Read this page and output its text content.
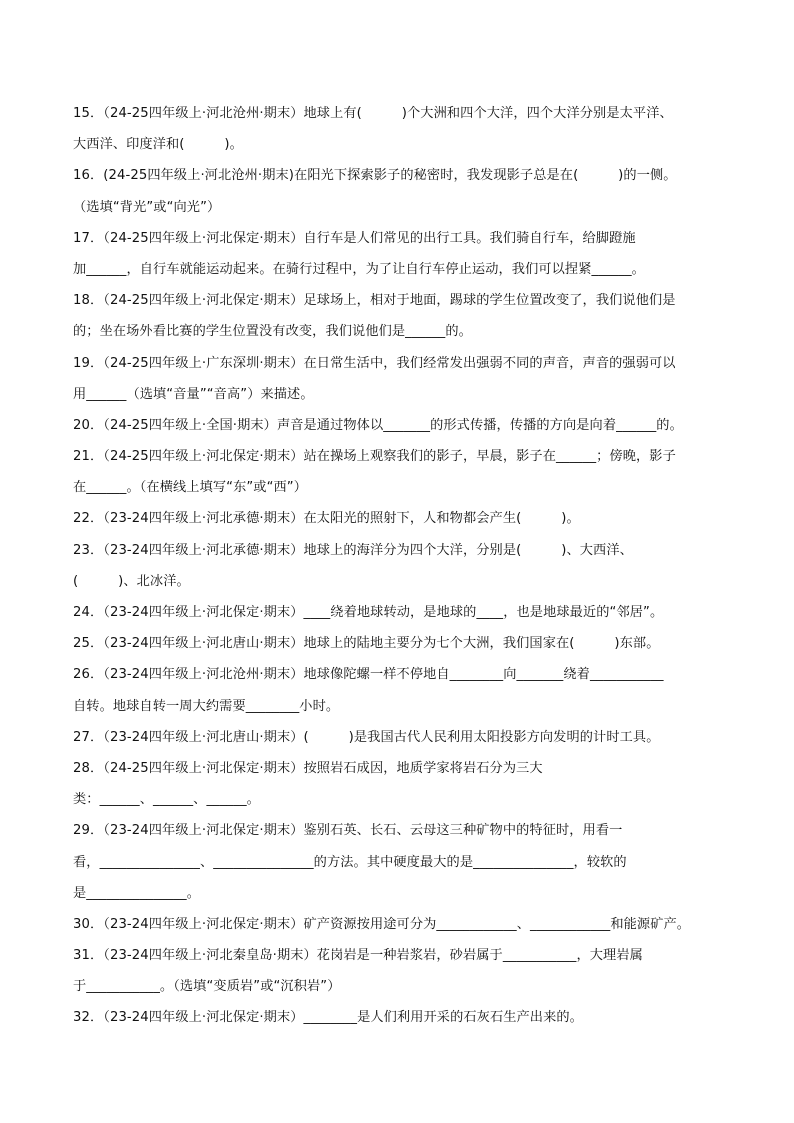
15．（24-25四年级上·河北沧州·期末）地球上有(　　　)个大洲和四个大洋，四个大洋分别是太平洋、
大西洋、印度洋和(　　　)。
16．(24-25四年级上·河北沧州·期末)在阳光下探索影子的秘密时，我发现影子总是在(　　　)的一侧。
（选填“背光”或“向光”）
17．（24-25四年级上·河北保定·期末）自行车是人们常见的出行工具。我们骑自行车，给脚蹬施
加______，自行车就能运动起来。在骑行过程中，为了让自行车停止运动，我们可以捏紧______。
18．（24-25四年级上·河北保定·期末）足球场上，相对于地面，踢球的学生位置改变了，我们说他们是
的；坐在场外看比赛的学生位置没有改变，我们说他们是______的。
19．（24-25四年级上·广东深圳·期末）在日常生活中，我们经常发出强弱不同的声音，声音的强弱可以
用______（选填“音量”“音高”）来描述。
20．（24-25四年级上·全国·期末）声音是通过物体以_______的形式传播，传播的方向是向着______的。
21．（24-25四年级上·河北保定·期末）站在操场上观察我们的影子，早晨，影子在______；傍晚，影子
在______。（在横线上填写“东”或“西”）
22．（23-24四年级上·河北承德·期末）在太阳光的照射下，人和物都会产生(　　　)。
23．（23-24四年级上·河北承德·期末）地球上的海洋分为四个大洋，分别是(　　　)、大西洋、
(　　　)、北冰洋。
24．（23-24四年级上·河北保定·期末）____绕着地球转动，是地球的____，也是地球最近的“邻居”。
25．（23-24四年级上·河北唐山·期末）地球上的陆地主要分为七个大洲，我们国家在(　　　)东部。
26．（23-24四年级上·河北沧州·期末）地球像陀螺一样不停地自________向_______绕着___________
自转。地球自转一周大约需要________小时。
27．（23-24四年级上·河北唐山·期末）(　　　)是我国古代人民利用太阳投影方向发明的计时工具。
28．（24-25四年级上·河北保定·期末）按照岩石成因，地质学家将岩石分为三大
类：______、______、______。
29．（23-24四年级上·河北保定·期末）鉴别石英、长石、云母这三种矿物中的特征时，用看一
看，_______________、_______________的方法。其中硬度最大的是_______________，较软的
是_______________。
30．（23-24四年级上·河北保定·期末）矿产资源按用途可分为____________、____________和能源矿产。
31．（23-24四年级上·河北秦皇岛·期末）花岗岩是一种岩浆岩，砂岩属于___________，大理岩属
于___________。（选填“变质岩”或“沉积岩”）
32．（23-24四年级上·河北保定·期末）________是人们利用开采的石灰石生产出来的。
